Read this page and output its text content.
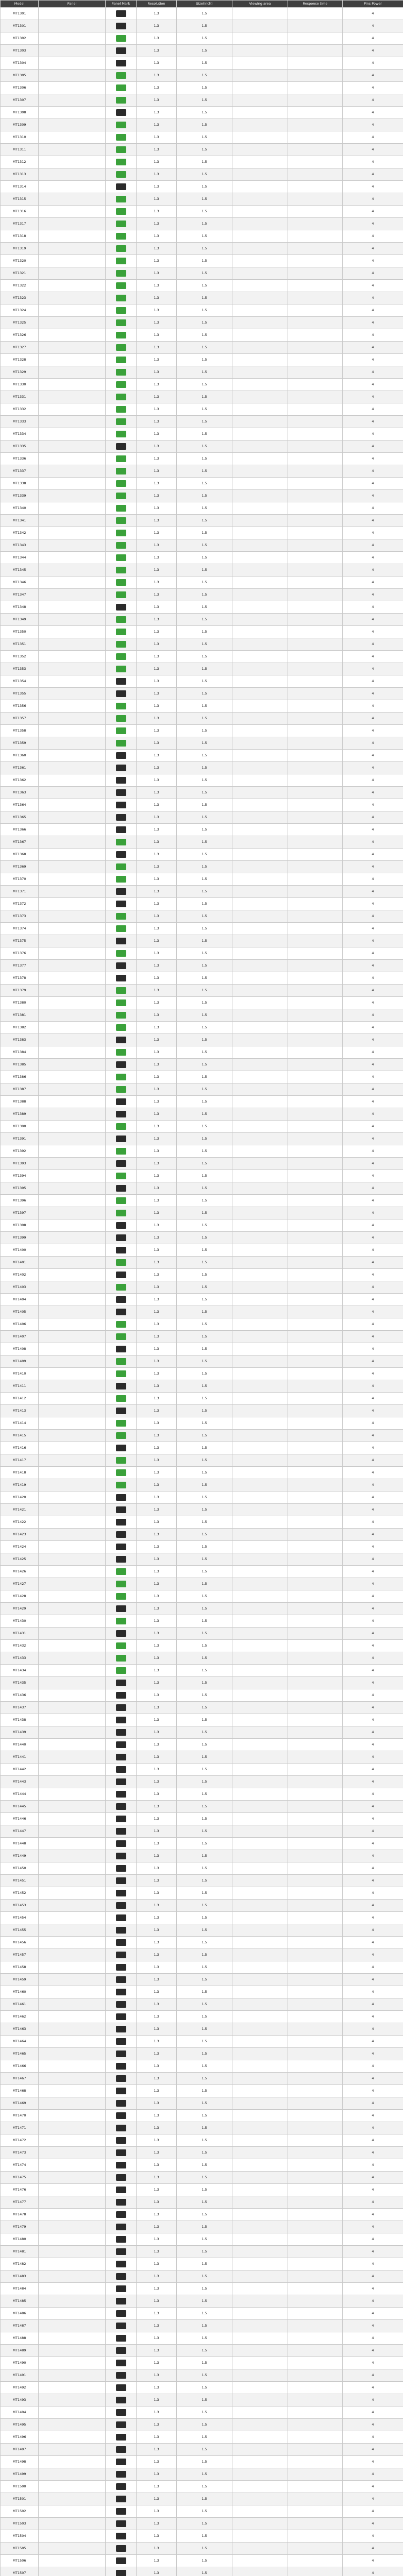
Model	Panel	Panel Mark	Resolution	Size(inch)	Viewing area	Response time	Pins Power
MT1301			1.3	1.5			4
MT1301			1.3	1.5			4
MT1302			1.3	1.5			4
MT1303			1.3	1.5			4
MT1304			1.3	1.5			4
MT1305			1.3	1.5			4
MT1306			1.3	1.5			4
MT1307			1.3	1.5			4
MT1308			1.3	1.5			4
MT1309			1.3	1.5			4
MT1310			1.3	1.5			4
MT1311			1.3	1.5			4
MT1312			1.3	1.5			4
MT1313			1.3	1.5			4
MT1314			1.3	1.5			4
MT1315			1.3	1.5			4
MT1316			1.3	1.5			4
MT1317			1.3	1.5			4
MT1318			1.3	1.5			4
MT1319			1.3	1.5			4
MT1320			1.3	1.5			4
MT1321			1.3	1.5			4
MT1322			1.3	1.5			4
MT1323			1.3	1.5			4
MT1324			1.3	1.5			4
MT1325			1.3	1.5			4
MT1326			1.3	1.5			4
MT1327			1.3	1.5			4
MT1328			1.3	1.5			4
MT1329			1.3	1.5			4
MT1330			1.3	1.5			4
MT1331			1.3	1.5			4
MT1332			1.3	1.5			4
MT1333			1.3	1.5			4
MT1334			1.3	1.5			4
MT1335			1.3	1.5			4
MT1336			1.3	1.5			4
MT1337			1.3	1.5			4
MT1338			1.3	1.5			4
MT1339			1.3	1.5			4
MT1340			1.3	1.5			4
MT1341			1.3	1.5			4
MT1342			1.3	1.5			4
MT1343			1.3	1.5			4
MT1344			1.3	1.5			4
MT1345			1.3	1.5			4
MT1346			1.3	1.5			4
MT1347			1.3	1.5			4
MT1348			1.3	1.5			4
MT1349			1.3	1.5			4
MT1350			1.3	1.5			4
MT1351			1.3	1.5			4
MT1352			1.3	1.5			4
MT1353			1.3	1.5			4
MT1354			1.3	1.5			4
MT1355			1.3	1.5			4
MT1356			1.3	1.5			4
MT1357			1.3	1.5			4
MT1358			1.3	1.5			4
MT1359			1.3	1.5			4
MT1360			1.3	1.5			4
MT1361			1.3	1.5			4
MT1362			1.3	1.5			4
MT1363			1.3	1.5			4
MT1364			1.3	1.5			4
MT1365			1.3	1.5			4
MT1366			1.3	1.5			4
MT1367			1.3	1.5			4
MT1368			1.3	1.5			4
MT1369			1.3	1.5			4
MT1370			1.3	1.5			4
MT1371			1.3	1.5			4
MT1372			1.3	1.5			4
MT1373			1.3	1.5			4
MT1374			1.3	1.5			4
MT1375			1.3	1.5			4
MT1376			1.3	1.5			4
MT1377			1.3	1.5			4
MT1378			1.3	1.5			4
MT1379			1.3	1.5			4
MT1380			1.3	1.5			4
MT1381			1.3	1.5			4
MT1382			1.3	1.5			4
MT1383			1.3	1.5			4
MT1384			1.3	1.5			4
MT1385			1.3	1.5			4
MT1386			1.3	1.5			4
MT1387			1.3	1.5			4
MT1388			1.3	1.5			4
MT1389			1.3	1.5			4
MT1390			1.3	1.5			4
MT1391			1.3	1.5			4
MT1392			1.3	1.5			4
MT1393			1.3	1.5			4
MT1394			1.3	1.5			4
MT1395			1.3	1.5			4
MT1396			1.3	1.5			4
MT1397			1.3	1.5			4
MT1398			1.3	1.5			4
MT1399			1.3	1.5			4
MT1400			1.3	1.5			4
MT1401			1.3	1.5			4
MT1402			1.3	1.5			4
MT1403			1.3	1.5			4
MT1404			1.3	1.5			4
MT1405			1.3	1.5			4
MT1406			1.3	1.5			4
MT1407			1.3	1.5			4
MT1408			1.3	1.5			4
MT1409			1.3	1.5			4
MT1410			1.3	1.5			4
MT1411			1.3	1.5			4
MT1412			1.3	1.5			4
MT1413			1.3	1.5			4
MT1414			1.3	1.5			4
MT1415			1.3	1.5			4
MT1416			1.3	1.5			4
MT1417			1.3	1.5			4
MT1418			1.3	1.5			4
MT1419			1.3	1.5			4
MT1420			1.3	1.5			4
MT1421			1.3	1.5			4
MT1422			1.3	1.5			4
MT1423			1.3	1.5			4
MT1424			1.3	1.5			4
MT1425			1.3	1.5			4
MT1426			1.3	1.5			4
MT1427			1.3	1.5			4
MT1428			1.3	1.5			4
MT1429			1.3	1.5			4
MT1430			1.3	1.5			4
MT1431			1.3	1.5			4
MT1432			1.3	1.5			4
MT1433			1.3	1.5			4
MT1434			1.3	1.5			4
MT1435			1.3	1.5			4
MT1436			1.3	1.5			4
MT1437			1.3	1.5			4
MT1438			1.3	1.5			4
MT1439			1.3	1.5			4
MT1440			1.3	1.5			4
MT1441			1.3	1.5			4
MT1442			1.3	1.5			4
MT1443			1.3	1.5			4
MT1444			1.3	1.5			4
MT1445			1.3	1.5			4
MT1446			1.3	1.5			4
MT1447			1.3	1.5			4
MT1448			1.3	1.5			4
MT1449			1.3	1.5			4
MT1450			1.3	1.5			4
MT1451			1.3	1.5			4
MT1452			1.3	1.5			4
MT1453			1.3	1.5			4
MT1454			1.3	1.5			4
MT1455			1.3	1.5			4
MT1456			1.3	1.5			4
MT1457			1.3	1.5			4
MT1458			1.3	1.5			4
MT1459			1.3	1.5			4
MT1460			1.3	1.5			4
MT1461			1.3	1.5			4
MT1462			1.3	1.5			4
MT1463			1.3	1.5			4
MT1464			1.3	1.5			4
MT1465			1.3	1.5			4
MT1466			1.3	1.5			4
MT1467			1.3	1.5			4
MT1468			1.3	1.5			4
MT1469			1.3	1.5			4
MT1470			1.3	1.5			4
MT1471			1.3	1.5			4
MT1472			1.3	1.5			4
MT1473			1.3	1.5			4
MT1474			1.3	1.5			4
MT1475			1.3	1.5			4
MT1476			1.3	1.5			4
MT1477			1.3	1.5			4
MT1478			1.3	1.5			4
MT1479			1.3	1.5			4
MT1480			1.3	1.5			4
MT1481			1.3	1.5			4
MT1482			1.3	1.5			4
MT1483			1.3	1.5			4
MT1484			1.3	1.5			4
MT1485			1.3	1.5			4
MT1486			1.3	1.5			4
MT1487			1.3	1.5			4
MT1488			1.3	1.5			4
MT1489			1.3	1.5			4
MT1490			1.3	1.5			4
MT1491			1.3	1.5			4
MT1492			1.3	1.5			4
MT1493			1.3	1.5			4
MT1494			1.3	1.5			4
MT1495			1.3	1.5			4
MT1496			1.3	1.5			4
MT1497			1.3	1.5			4
MT1498			1.3	1.5			4
MT1499			1.3	1.5			4
MT1500			1.3	1.5			4
MT1501			1.3	1.5			4
MT1502			1.3	1.5			4
MT1503			1.3	1.5			4
MT1504			1.3	1.5			4
MT1505			1.3	1.5			4
MT1506			1.3	1.5			4
MT1507			1.3	1.5			4
